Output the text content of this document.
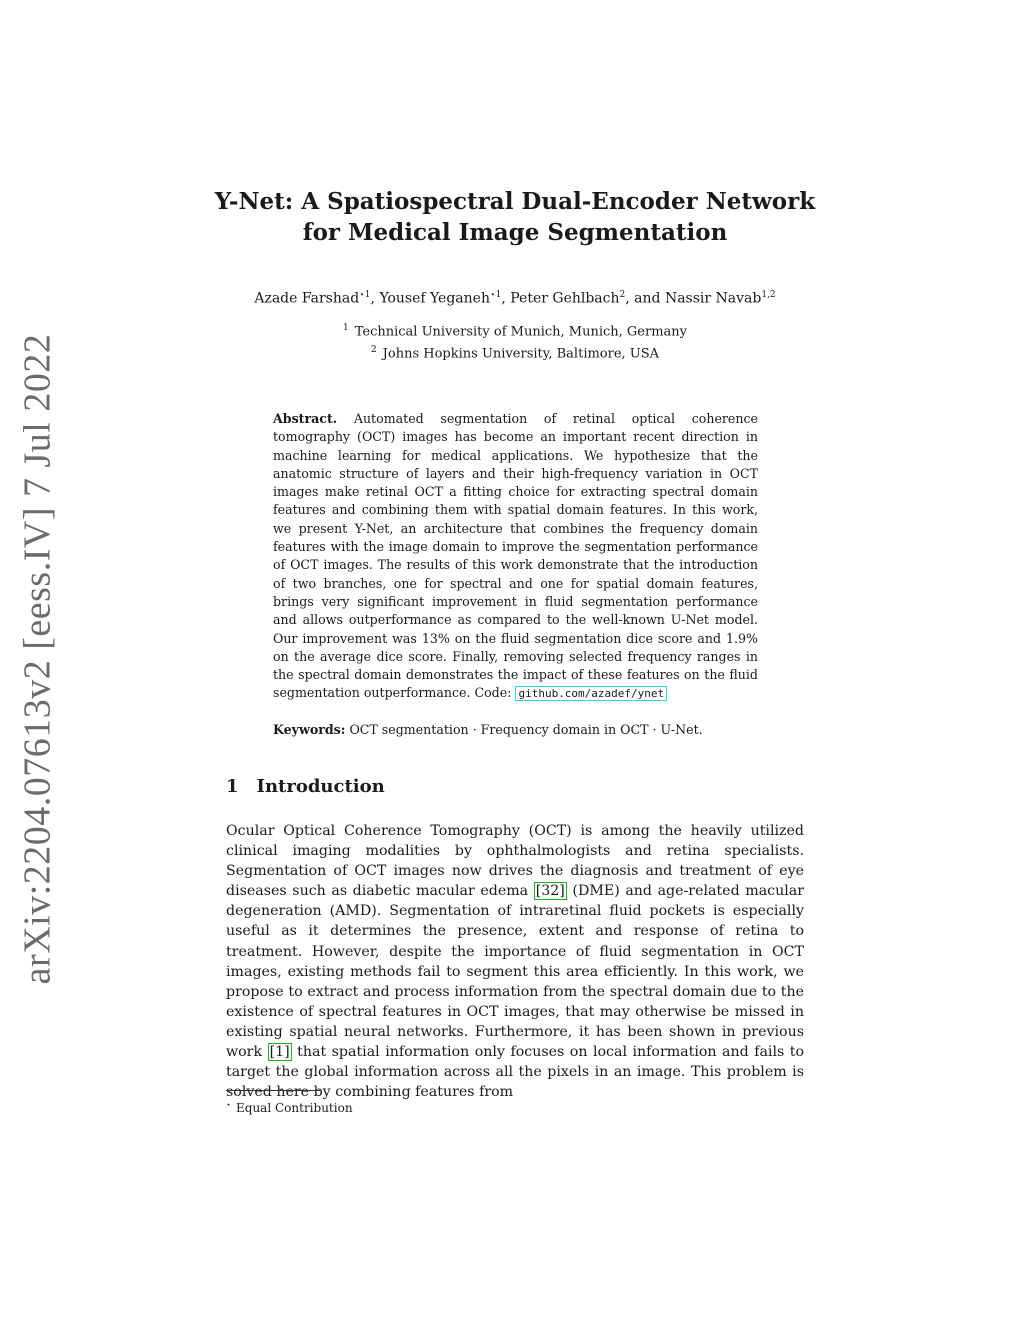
arXiv:2204.07613v2 [eess.IV] 7 Jul 2022
Y-Net: A Spatiospectral Dual-Encoder Network
for Medical Image Segmentation
Azade Farshad$^{⋆1}$, Yousef Yeganeh$^{⋆1}$, Peter Gehlbach$^2$, and Nassir Navab$^{1,2}$
$^1$ Technical University of Munich, Munich, Germany
$^2$ Johns Hopkins University, Baltimore, USA

Abstract. Automated segmentation of retinal optical coherence tomography (OCT) images has become an important recent direction in machine learning for medical applications. We hypothesize that the anatomic structure of layers and their high-frequency variation in OCT images make retinal OCT a fitting choice for extracting spectral domain features and combining them with spatial domain features. In this work, we present Y-Net, an architecture that combines the frequency domain features with the image domain to improve the segmentation performance of OCT images. The results of this work demonstrate that the introduction of two branches, one for spectral and one for spatial domain features, brings very significant improvement in fluid segmentation performance and allows outperformance as compared to the well-known U-Net model. Our improvement was 13% on the fluid segmentation dice score and 1.9% on the average dice score. Finally, removing selected frequency ranges in the spectral domain demonstrates the impact of these features on the fluid segmentation outperformance. Code: github.com/azadef/ynet

Keywords: OCT segmentation · Frequency domain in OCT · U-Net.

1 Introduction

Ocular Optical Coherence Tomography (OCT) is among the heavily utilized clinical imaging modalities by ophthalmologists and retina specialists. Segmentation of OCT images now drives the diagnosis and treatment of eye diseases such as diabetic macular edema [32] (DME) and age-related macular degeneration (AMD). Segmentation of intraretinal fluid pockets is especially useful as it determines the presence, extent and response of retina to treatment. However, despite the importance of fluid segmentation in OCT images, existing methods fail to segment this area efficiently. In this work, we propose to extract and process information from the spectral domain due to the existence of spectral features in OCT images, that may otherwise be missed in existing spatial neural networks. Furthermore, it has been shown in previous work [1] that spatial information only focuses on local information and fails to target the global information across all the pixels in an image. This problem is solved here by combining features from

⋆ Equal Contribution
